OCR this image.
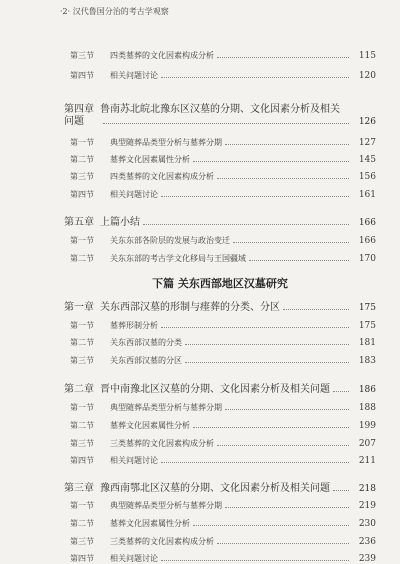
·2· 汉代鲁国分治的考古学观察
第三节	四类墓葬的文化因素构成分析	115
第四节	相关问题讨论	120
第四章 鲁南苏北皖北豫东区汉墓的分期、文化因素分析及相关
问题	126
第一节	典型随葬品类型分析与墓葬分期	127
第二节	墓葬文化因素属性分析	145
第三节	四类墓葬的文化因素构成分析	156
第四节	相关问题讨论	161
第五章 上篇小结	166
第一节	关东东部各阶层的发展与政治变迁	166
第二节	关东东部的考古学文化移局与王国疆域	170
下篇 关东西部地区汉墓研究
第一章 关东西部汉墓的形制与瘗葬的分类、分区	175
第一节	墓葬形制分析	175
第二节	关东西部汉墓的分类	181
第三节	关东西部汉墓的分区	183
第二章 晋中南豫北区汉墓的分期、文化因素分析及相关问题	186
第一节	典型随葬品类型分析与墓葬分期	188
第二节	墓葬文化因素属性分析	199
第三节	三类墓葬的文化因素构成分析	207
第四节	相关问题讨论	211
第三章 豫西南鄂北区汉墓的分期、文化因素分析及相关问题	218
第一节	典型随葬品类型分析与墓葬分期	219
第二节	墓葬文化因素属性分析	230
第三节	三类墓葬的文化因素构成分析	236
第四节	相关问题讨论	239
